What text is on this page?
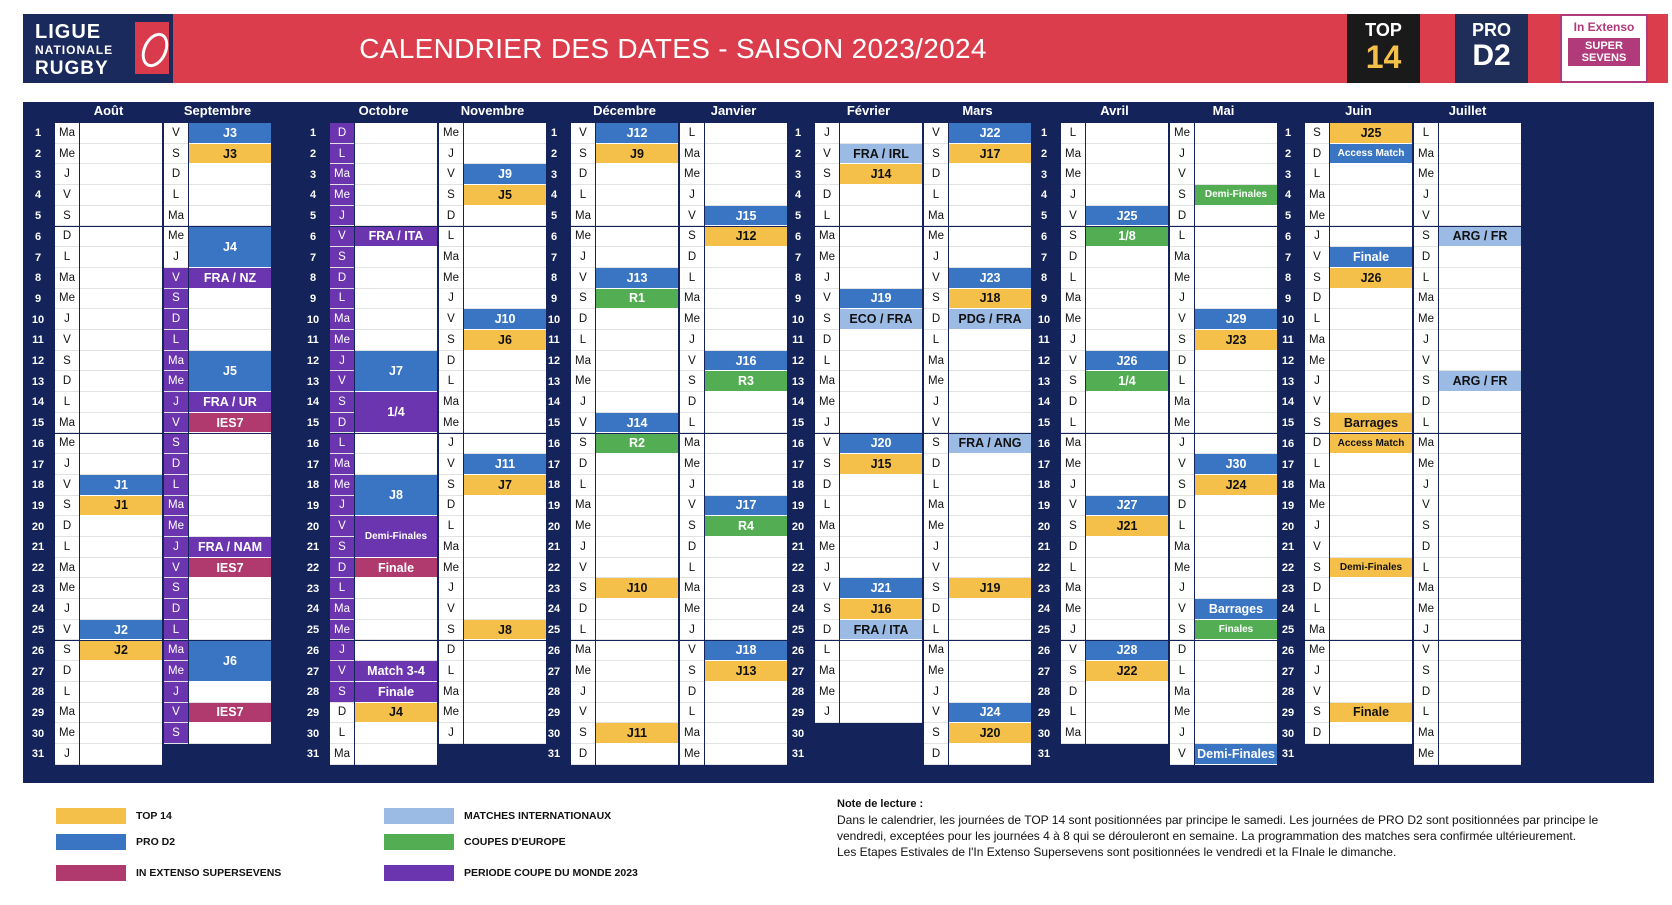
LIGUE
NATIONALE
RUGBY
CALENDRIER DES DATES - SAISON 2023/2024
TOP
14
PRO
D2
In Extenso
SUPER SEVENS
1
2
3
4
5
6
7
8
9
10
11
12
13
14
15
16
17
18
19
20
21
22
23
24
25
26
27
28
29
30
31
Août
Ma
Me
J
V
S
D
L
Ma
Me
J
V
S
D
L
Ma
Me
J
V
S
D
L
Ma
Me
J
V
S
D
L
Ma
Me
J
J1
J1
J2
J2
Septembre
V
S
D
L
Ma
Me
J
V
S
D
L
Ma
Me
J
V
S
D
L
Ma
Me
J
V
S
D
L
Ma
Me
J
V
S
J3
J3
J4
FRA / NZ
J5
FRA / UR
IES7
FRA / NAM
IES7
J6
IES7
1
2
3
4
5
6
7
8
9
10
11
12
13
14
15
16
17
18
19
20
21
22
23
24
25
26
27
28
29
30
31
Octobre
D
L
Ma
Me
J
V
S
D
L
Ma
Me
J
V
S
D
L
Ma
Me
J
V
S
D
L
Ma
Me
J
V
S
D
L
Ma
FRA / ITA
J7
1/4
J8
Demi-Finales
Finale
Match 3-4
Finale
J4
Novembre
Me
J
V
S
D
L
Ma
Me
J
V
S
D
L
Ma
Me
J
V
S
D
L
Ma
Me
J
V
S
D
L
Ma
Me
J
J9
J5
J10
J6
J11
J7
J8
1
2
3
4
5
6
7
8
9
10
11
12
13
14
15
16
17
18
19
20
21
22
23
24
25
26
27
28
29
30
31
Décembre
V
S
D
L
Ma
Me
J
V
S
D
L
Ma
Me
J
V
S
D
L
Ma
Me
J
V
S
D
L
Ma
Me
J
V
S
D
J12
J9
J13
R1
J14
R2
J10
J11
Janvier
L
Ma
Me
J
V
S
D
L
Ma
Me
J
V
S
D
L
Ma
Me
J
V
S
D
L
Ma
Me
J
V
S
D
L
Ma
Me
J15
J12
J16
R3
J17
R4
J18
J13
1
2
3
4
5
6
7
8
9
10
11
12
13
14
15
16
17
18
19
20
21
22
23
24
25
26
27
28
29
30
31
Février
J
V
S
D
L
Ma
Me
J
V
S
D
L
Ma
Me
J
V
S
D
L
Ma
Me
J
V
S
D
L
Ma
Me
J
FRA / IRL
J14
J19
ECO / FRA
J20
J15
J21
J16
FRA / ITA
Mars
V
S
D
L
Ma
Me
J
V
S
D
L
Ma
Me
J
V
S
D
L
Ma
Me
J
V
S
D
L
Ma
Me
J
V
S
D
J22
J17
J23
J18
PDG / FRA
FRA / ANG
J19
J24
J20
1
2
3
4
5
6
7
8
9
10
11
12
13
14
15
16
17
18
19
20
21
22
23
24
25
26
27
28
29
30
31
Avril
L
Ma
Me
J
V
S
D
L
Ma
Me
J
V
S
D
L
Ma
Me
J
V
S
D
L
Ma
Me
J
V
S
D
L
Ma
J25
1/8
J26
1/4
J27
J21
J28
J22
Mai
Me
J
V
S
D
L
Ma
Me
J
V
S
D
L
Ma
Me
J
V
S
D
L
Ma
Me
J
V
S
D
L
Ma
Me
J
V
Demi-Finales
J29
J23
J30
J24
Barrages
Finales
Demi-Finales
1
2
3
4
5
6
7
8
9
10
11
12
13
14
15
16
17
18
19
20
21
22
23
24
25
26
27
28
29
30
31
Juin
S
D
L
Ma
Me
J
V
S
D
L
Ma
Me
J
V
S
D
L
Ma
Me
J
V
S
D
L
Ma
Me
J
V
S
D
J25
Access Match
Finale
J26
Barrages
Access Match
Demi-Finales
Finale
Juillet
L
Ma
Me
J
V
S
D
L
Ma
Me
J
V
S
D
L
Ma
Me
J
V
S
D
L
Ma
Me
J
V
S
D
L
Ma
Me
ARG / FR
ARG / FR
Note de lecture :
Dans le calendrier, les journées de TOP 14 sont positionnées par principe le samedi. Les journées de PRO D2 sont positionnées par principe le vendredi, exceptées pour les journées 4 à 8 qui se dérouleront en semaine. La programmation des matches sera confirmée ultérieurement.
Les Etapes Estivales de l'In Extenso Supersevens sont positionnées le vendredi et la FInale le dimanche.
TOP 14
PRO D2
IN EXTENSO SUPERSEVENS
MATCHES INTERNATIONAUX
COUPES D'EUROPE
PERIODE COUPE DU MONDE 2023
